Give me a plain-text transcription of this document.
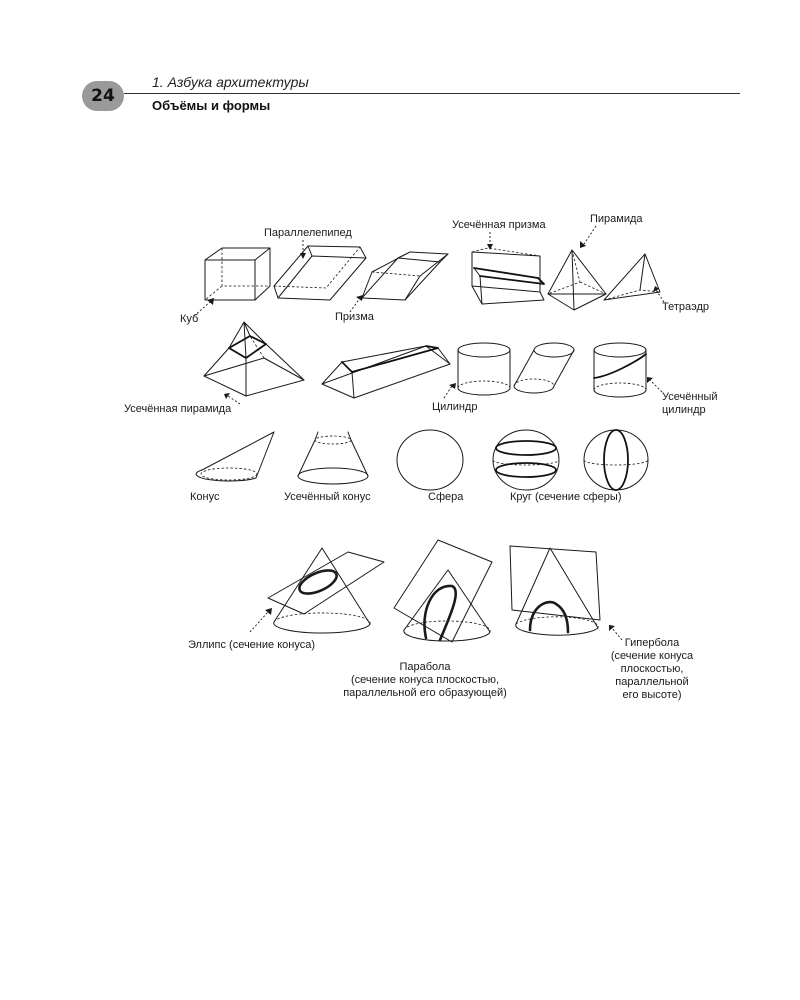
24
1. Азбука архитектуры
Объёмы и формы
Параллелепипед
Усечённая призма	Пирамида
Куб	Призма
Тетраэдр
Усечённая пирамида	Цилиндр
Усечённый
цилиндр
Конус	Усечённый конус	Сфера	Круг (сечение сферы)
Эллипс (сечение конуса)
Парабола
(сечение конуса плоскостью,
параллельной его образующей)
Гипербола
(сечение конуса
плоскостью,
параллельной
его высоте)
